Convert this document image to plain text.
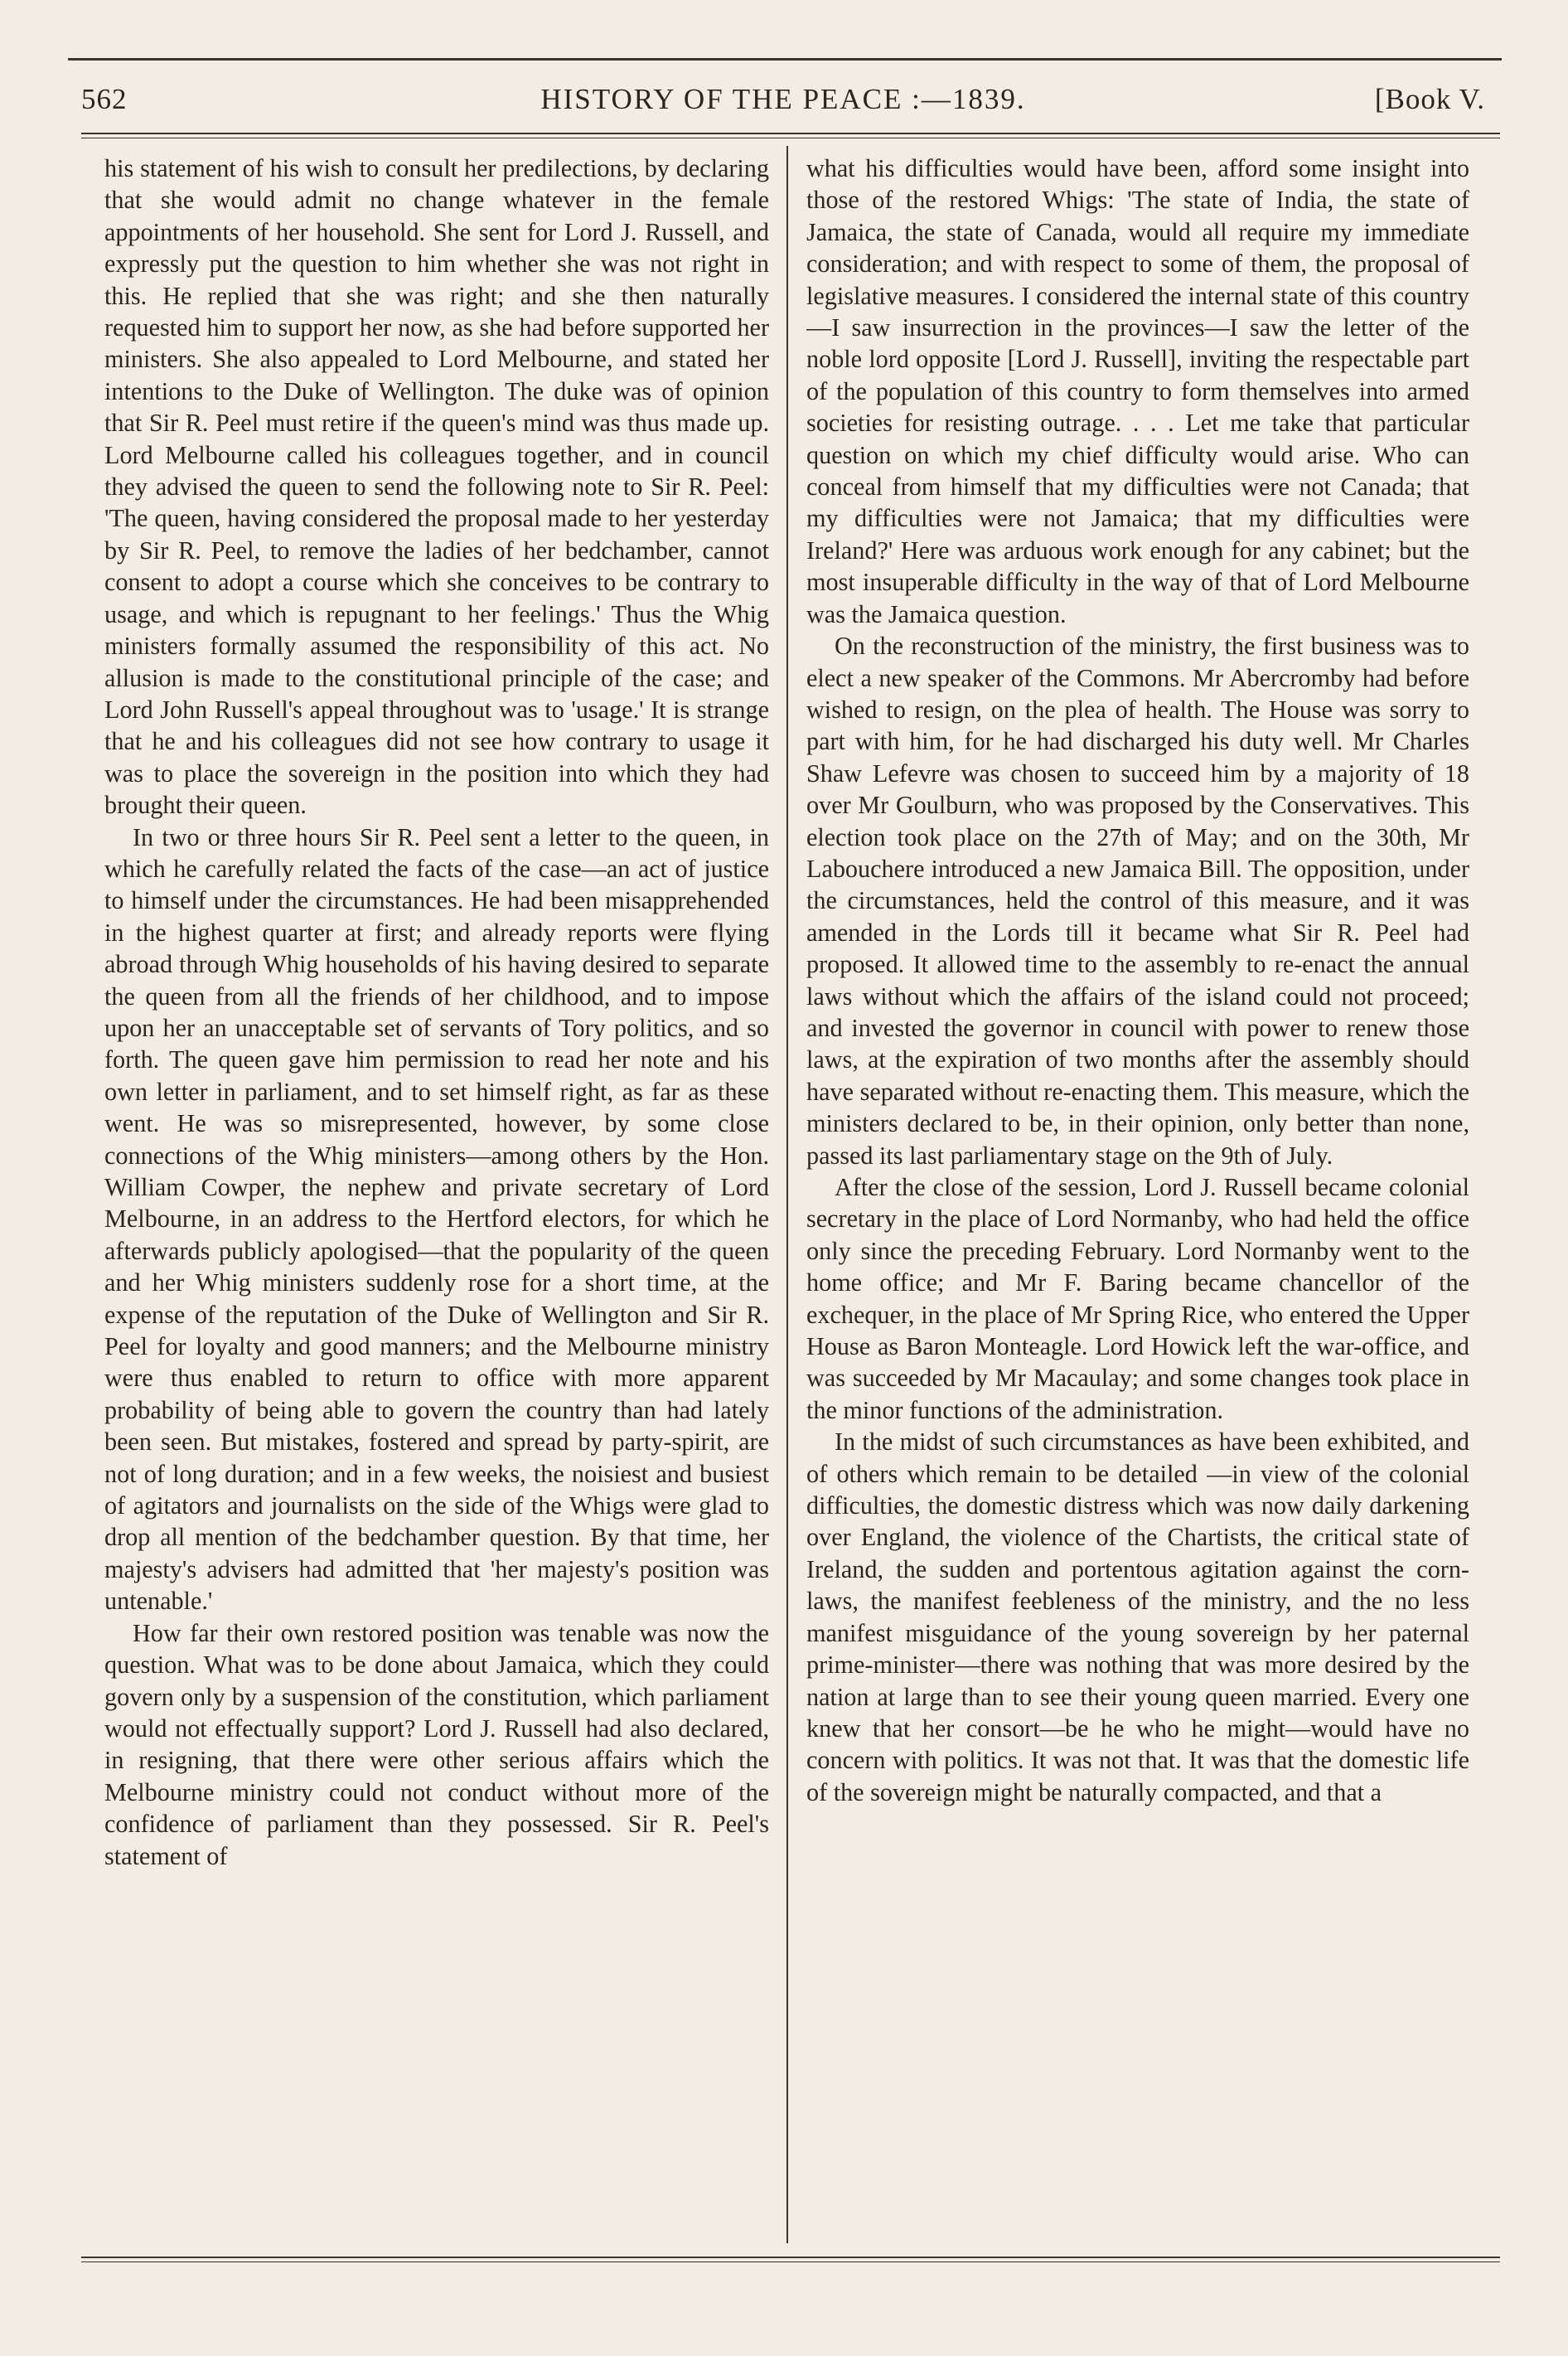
562	HISTORY OF THE PEACE :—1839.	[Book V.

his statement of his wish to consult her predilections, by declaring that she would admit no change whatever in the female appointments of her household. She sent for Lord J. Russell, and expressly put the question to him whether she was not right in this. He replied that she was right; and she then naturally requested him to support her now, as she had before supported her ministers. She also appealed to Lord Melbourne, and stated her intentions to the Duke of Wellington. The duke was of opinion that Sir R. Peel must retire if the queen's mind was thus made up. Lord Melbourne called his colleagues together, and in council they advised the queen to send the following note to Sir R. Peel: 'The queen, having considered the proposal made to her yesterday by Sir R. Peel, to remove the ladies of her bedchamber, cannot consent to adopt a course which she conceives to be contrary to usage, and which is repugnant to her feelings.' Thus the Whig ministers formally assumed the responsibility of this act. No allusion is made to the constitutional principle of the case; and Lord John Russell's appeal throughout was to 'usage.' It is strange that he and his colleagues did not see how contrary to usage it was to place the sovereign in the position into which they had brought their queen.

In two or three hours Sir R. Peel sent a letter to the queen, in which he carefully related the facts of the case—an act of justice to himself under the circumstances. He had been misapprehended in the highest quarter at first; and already reports were flying abroad through Whig households of his having desired to separate the queen from all the friends of her childhood, and to impose upon her an unacceptable set of servants of Tory politics, and so forth. The queen gave him permission to read her note and his own letter in parliament, and to set himself right, as far as these went. He was so misrepresented, however, by some close connections of the Whig ministers—among others by the Hon. William Cowper, the nephew and private secretary of Lord Melbourne, in an address to the Hertford electors, for which he afterwards publicly apologised—that the popularity of the queen and her Whig ministers suddenly rose for a short time, at the expense of the reputation of the Duke of Wellington and Sir R. Peel for loyalty and good manners; and the Melbourne ministry were thus enabled to return to office with more apparent probability of being able to govern the country than had lately been seen. But mistakes, fostered and spread by party-spirit, are not of long duration; and in a few weeks, the noisiest and busiest of agitators and journalists on the side of the Whigs were glad to drop all mention of the bedchamber question. By that time, her majesty's advisers had admitted that 'her majesty's position was untenable.'

How far their own restored position was tenable was now the question. What was to be done about Jamaica, which they could govern only by a suspension of the constitution, which parliament would not effectually support? Lord J. Russell had also declared, in resigning, that there were other serious affairs which the Melbourne ministry could not conduct without more of the confidence of parliament than they possessed. Sir R. Peel's statement of

what his difficulties would have been, afford some insight into those of the restored Whigs: 'The state of India, the state of Jamaica, the state of Canada, would all require my immediate consideration; and with respect to some of them, the proposal of legislative measures. I considered the internal state of this country—I saw insurrection in the provinces—I saw the letter of the noble lord opposite [Lord J. Russell], inviting the respectable part of the population of this country to form themselves into armed societies for resisting outrage. . . . Let me take that particular question on which my chief difficulty would arise. Who can conceal from himself that my difficulties were not Canada; that my difficulties were not Jamaica; that my difficulties were Ireland?' Here was arduous work enough for any cabinet; but the most insuperable difficulty in the way of that of Lord Melbourne was the Jamaica question.

On the reconstruction of the ministry, the first business was to elect a new speaker of the Commons. Mr Abercromby had before wished to resign, on the plea of health. The House was sorry to part with him, for he had discharged his duty well. Mr Charles Shaw Lefevre was chosen to succeed him by a majority of 18 over Mr Goulburn, who was proposed by the Conservatives. This election took place on the 27th of May; and on the 30th, Mr Labouchere introduced a new Jamaica Bill. The opposition, under the circumstances, held the control of this measure, and it was amended in the Lords till it became what Sir R. Peel had proposed. It allowed time to the assembly to re-enact the annual laws without which the affairs of the island could not proceed; and invested the governor in council with power to renew those laws, at the expiration of two months after the assembly should have separated without re-enacting them. This measure, which the ministers declared to be, in their opinion, only better than none, passed its last parliamentary stage on the 9th of July.

After the close of the session, Lord J. Russell became colonial secretary in the place of Lord Normanby, who had held the office only since the preceding February. Lord Normanby went to the home office; and Mr F. Baring became chancellor of the exchequer, in the place of Mr Spring Rice, who entered the Upper House as Baron Monteagle. Lord Howick left the war-office, and was succeeded by Mr Macaulay; and some changes took place in the minor functions of the administration.

In the midst of such circumstances as have been exhibited, and of others which remain to be detailed —in view of the colonial difficulties, the domestic distress which was now daily darkening over England, the violence of the Chartists, the critical state of Ireland, the sudden and portentous agitation against the corn-laws, the manifest feebleness of the ministry, and the no less manifest misguidance of the young sovereign by her paternal prime-minister—there was nothing that was more desired by the nation at large than to see their young queen married. Every one knew that her consort—be he who he might—would have no concern with politics. It was not that. It was that the domestic life of the sovereign might be naturally compacted, and that a
